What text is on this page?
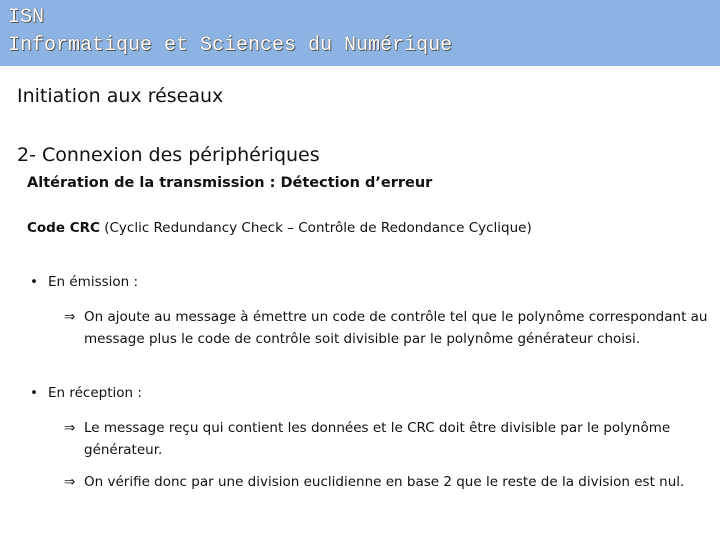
ISN
Informatique et Sciences du Numérique
Initiation aux réseaux
2- Connexion des périphériques
Altération de la transmission : Détection d’erreur
Code CRC (Cyclic Redundancy Check – Contrôle de Redondance Cyclique)
• En émission :
⇒ On ajoute au message à émettre un code de contrôle tel que le polynôme correspondant au message plus le code de contrôle soit divisible par le polynôme générateur choisi.
• En réception :
⇒ Le message reçu qui contient les données et le CRC doit être divisible par le polynôme générateur.
⇒ On vérifie donc par une division euclidienne en base 2 que le reste de la division est nul.
